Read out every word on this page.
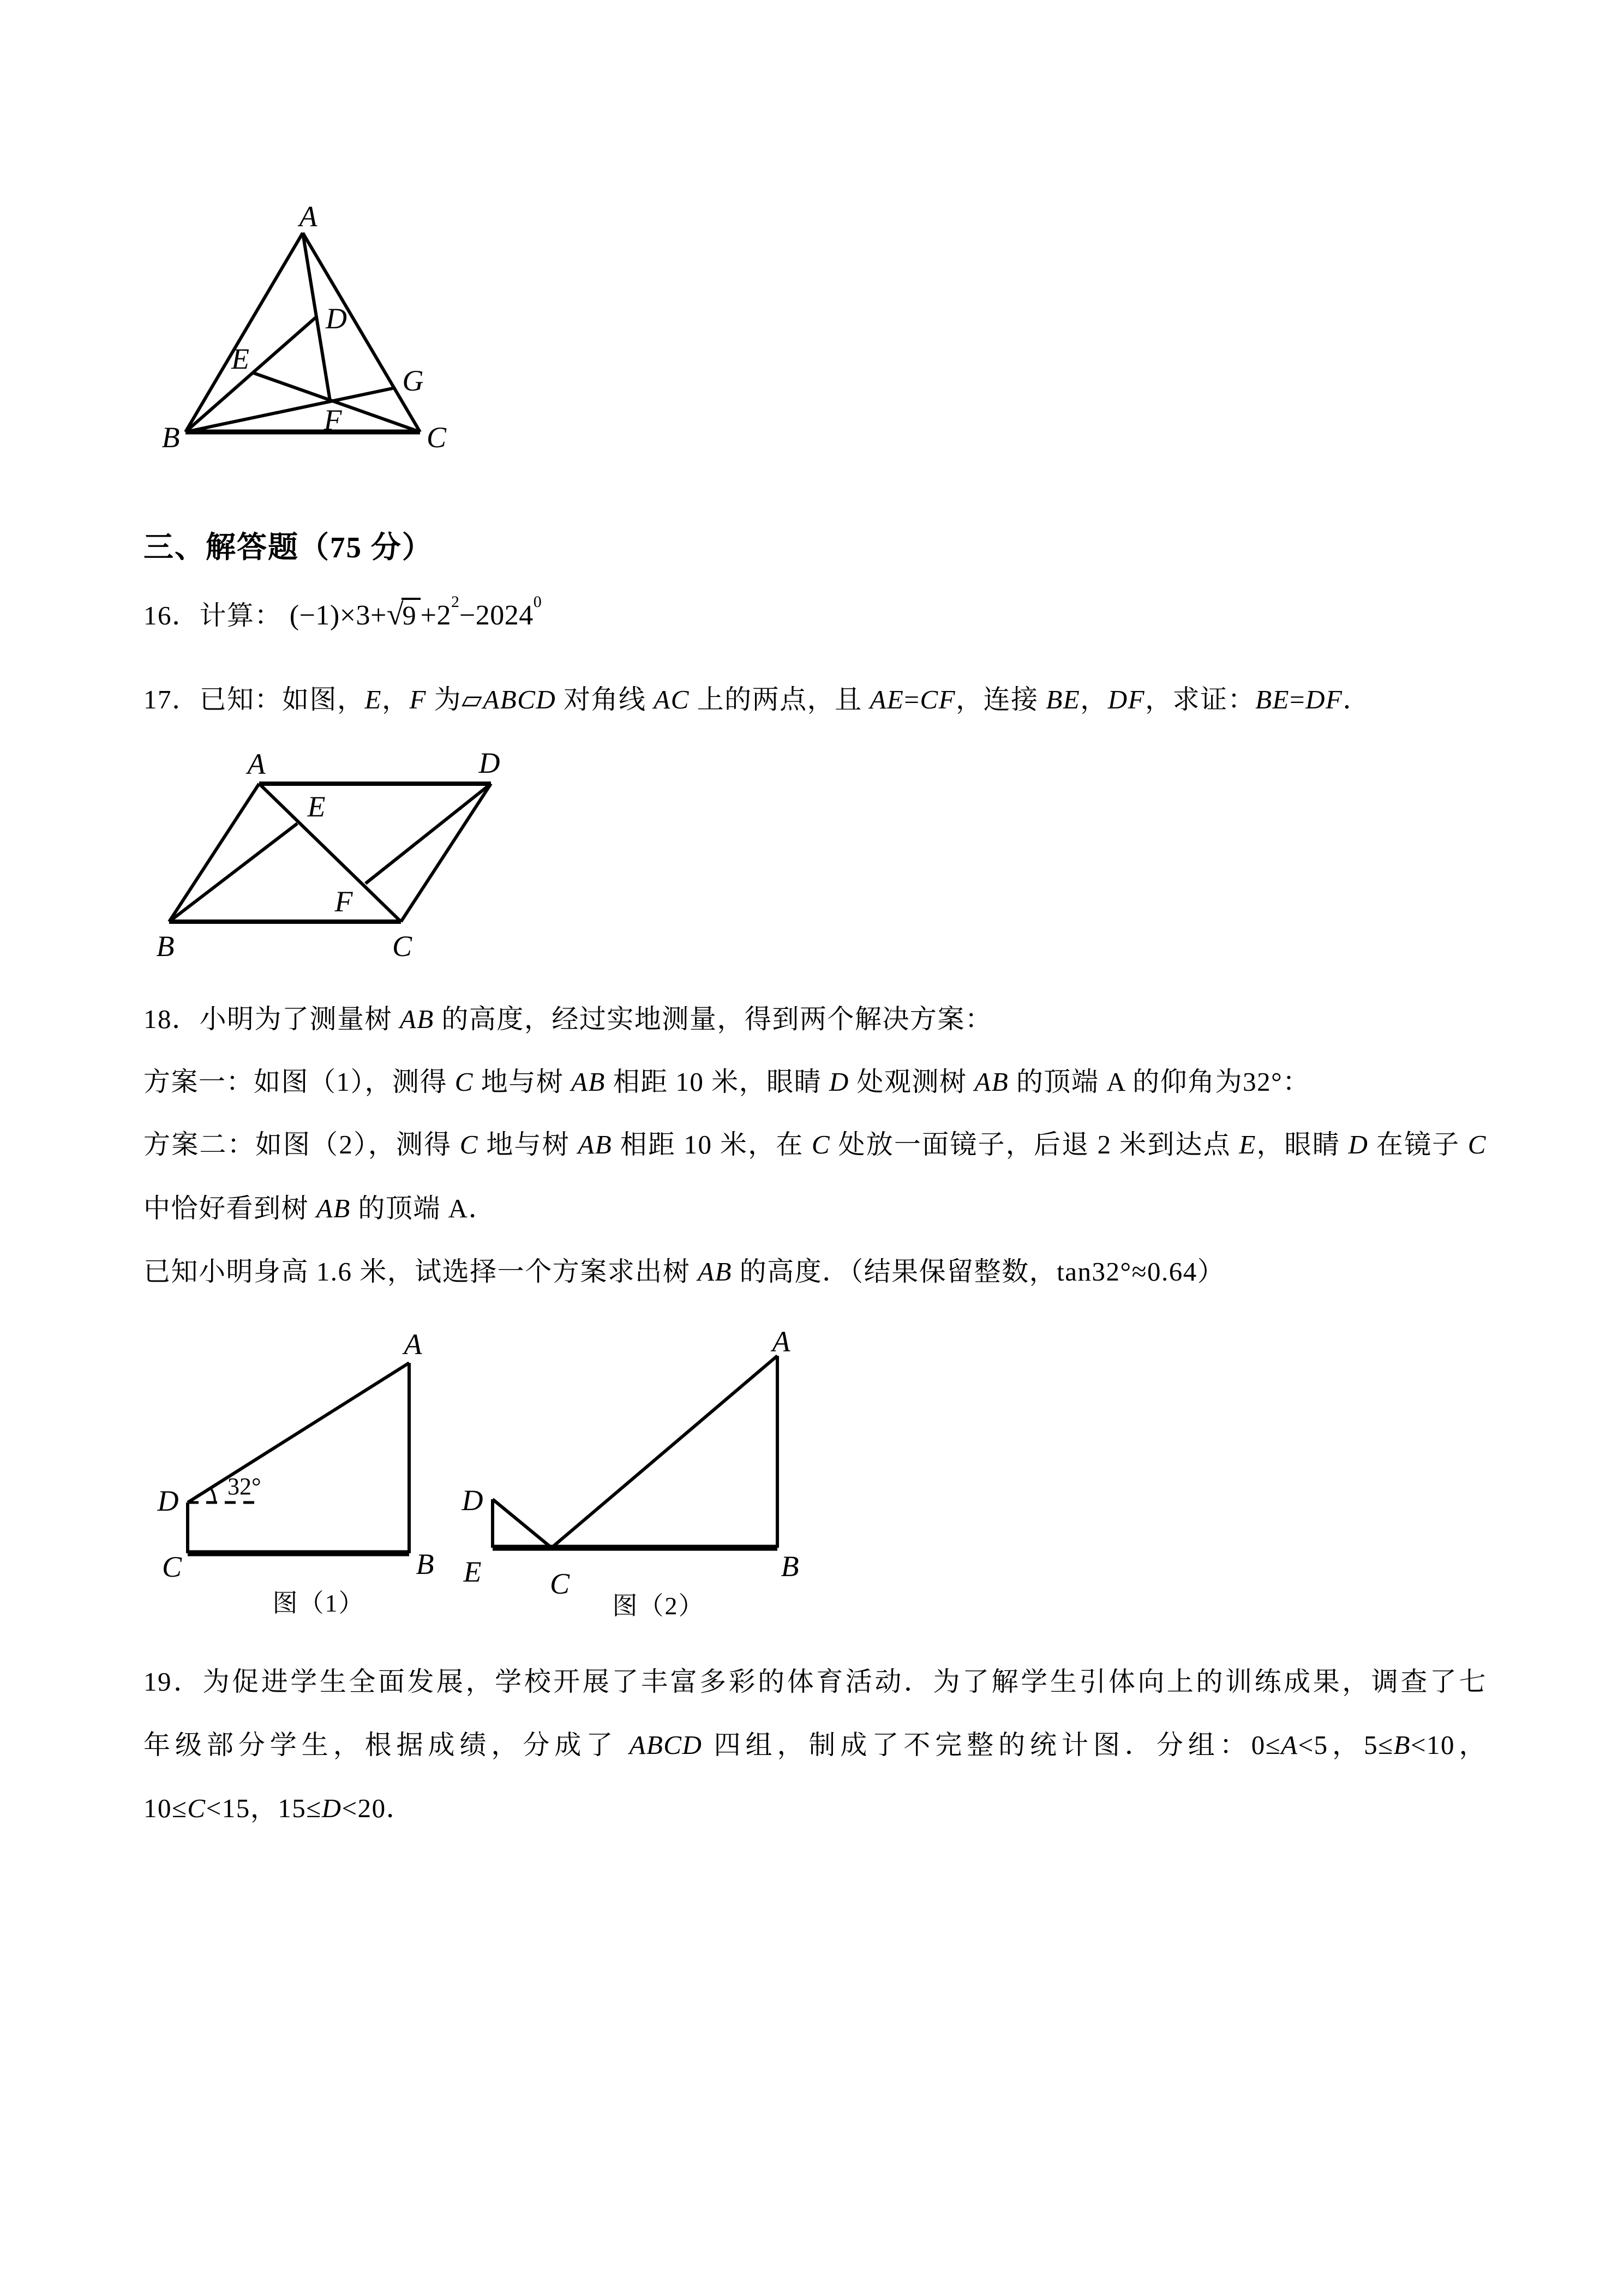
A
B	C
D
E
F
G
三、解答题（75 分）
16．计算： $(-1)\times 3+√9 +2^2-2024^0$
17．已知：如图，E，F 为▱ABCD 对角线 AC 上的两点，且 AE=CF，连接 BE，DF，求证：BE=DF．
A	D
B	C
E
F
18．小明为了测量树 AB 的高度，经过实地测量，得到两个解决方案：
方案一：如图（1），测得 C 地与树 AB 相距 10 米，眼睛 D 处观测树 AB 的顶端 A 的仰角为32°：
方案二：如图（2），测得 C 地与树 AB 相距 10 米，在 C 处放一面镜子，后退 2 米到达点 E，眼睛 D 在镜子 C
中恰好看到树 AB 的顶端 A．
已知小明身高 1.6 米，试选择一个方案求出树 AB 的高度．（结果保留整数，tan32°≈0.64）
32°
A
B
C
D
图（1）
A
B
E C
D
图（2）
19．为促进学生全面发展，学校开展了丰富多彩的体育活动．为了解学生引体向上的训练成果，调查了七
年级部分学生，根据成绩，分成了 ABCD 四组，制成了不完整的统计图．分组：0≤A<5，5≤B<10，
10≤C<15，15≤D<20．
